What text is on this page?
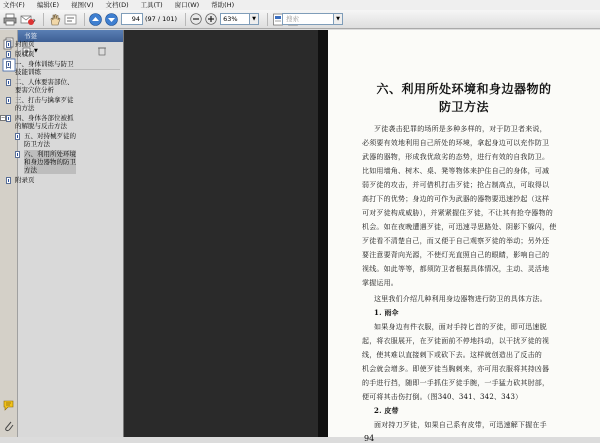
文件(F) 编辑(E) 视图(V) 文档(D) 工具(T) 窗口(W) 帮助(H)
94 (97 / 101)	63%	▼	搜索	▼
书签
▼
封面页
版权页
一、身体训练与防卫
技能训练
二、人体要害部位、
要害穴位分析
三、打击与擒拿歹徒
的方法
− 四、身体各部位被抓
的解脱与反击方法
五、对持械歹徒的
防卫方法
六、利用所处环境
和身边器物的防卫
方法
附录页
六、利用所处环境和身边器物的
防卫方法
歹徒袭击犯罪的场所是多种多样的，对于防卫者来说，
必须要有效地利用自己所处的环境，拿起身边可以充作防卫
武器的器物，形成我优敌劣的态势，进行有效的自我防卫。
比如用墙角、树木、桌、凳等物体来护住自己的身体，可减
弱歹徒的攻击，并可借机打击歹徒；抢占制高点，可取得以
高打下的优势；身边的可作为武器的器物要迅速抄起（这样
可对歹徒构成威胁），并紧紧握住歹徒，不让其有抢夺器物的
机会。如在夜晚遭遇歹徒，可迅速寻思路处、阴影下躲闪，使
歹徒看不清楚自己，而又便于自己观察歹徒的举动；另外还
要注意要背向光源，不使灯光直照自己的眼睛，影响自己的
视线。如此等等，都须防卫者根据具体情况，主动、灵活地
掌握运用。
这里我们介绍几种利用身边器物进行防卫的具体方法。
1. 雨伞
如果身边有件衣服，面对手持匕首的歹徒，即可迅速脱
起，将衣服展开，在歹徒面前不停地抖动，以干扰歹徒的视
线，使其难以直接刺下或砍下去。这样就创造出了反击的
机会就会增多。即使歹徒当胸刺来，亦可用衣服将其持凶器
的手进行挡，随即一手抓住歹徒手腕，一手猛力砍其肘部，
便可将其击伤打倒。（图340、341、342、343）
2. 皮带
面对持刀歹徒，如果自己系有皮带，可迅速解下握在手
94
